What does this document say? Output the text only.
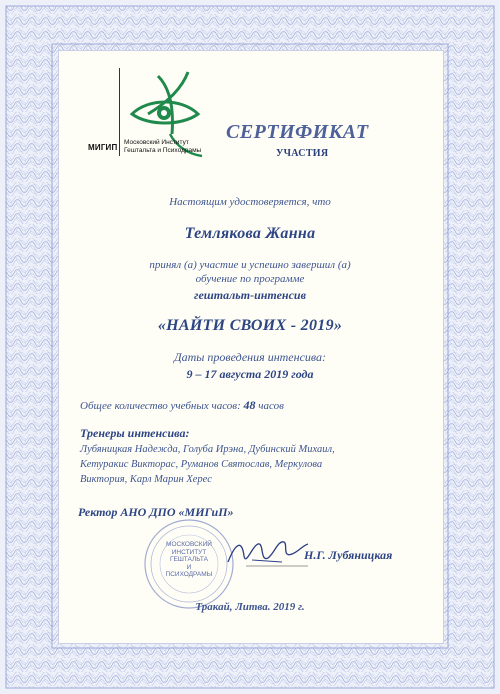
МИГИП
Московский Институт
Гештальта и Психодрамы
СЕРТИФИКАТ
УЧАСТИЯ
Настоящим удостоверяется, что
Темлякова Жанна
принял (а) участие и успешно завершил (а)
обучение по программе
гештальт-интенсив
«НАЙТИ СВОИХ - 2019»
Даты проведения интенсива:
9 – 17 августа 2019 года
Общее количество учебных часов: 48 часов
Тренеры интенсива:
Лубяницкая Надежда, Голуба Ирэна, Дубинский Михаил,
Кетуракис Викторас, Руманов Святослав, Меркулова
Виктория, Карл Марин Херес
Ректор АНО ДПО «МИГиП»
МОСКОВСКИЙ
ИНСТИТУТ
ГЕШТАЛЬТА
И
ПСИХОДРАМЫ
Н.Г. Лубяницкая
Тракай, Литва. 2019 г.
